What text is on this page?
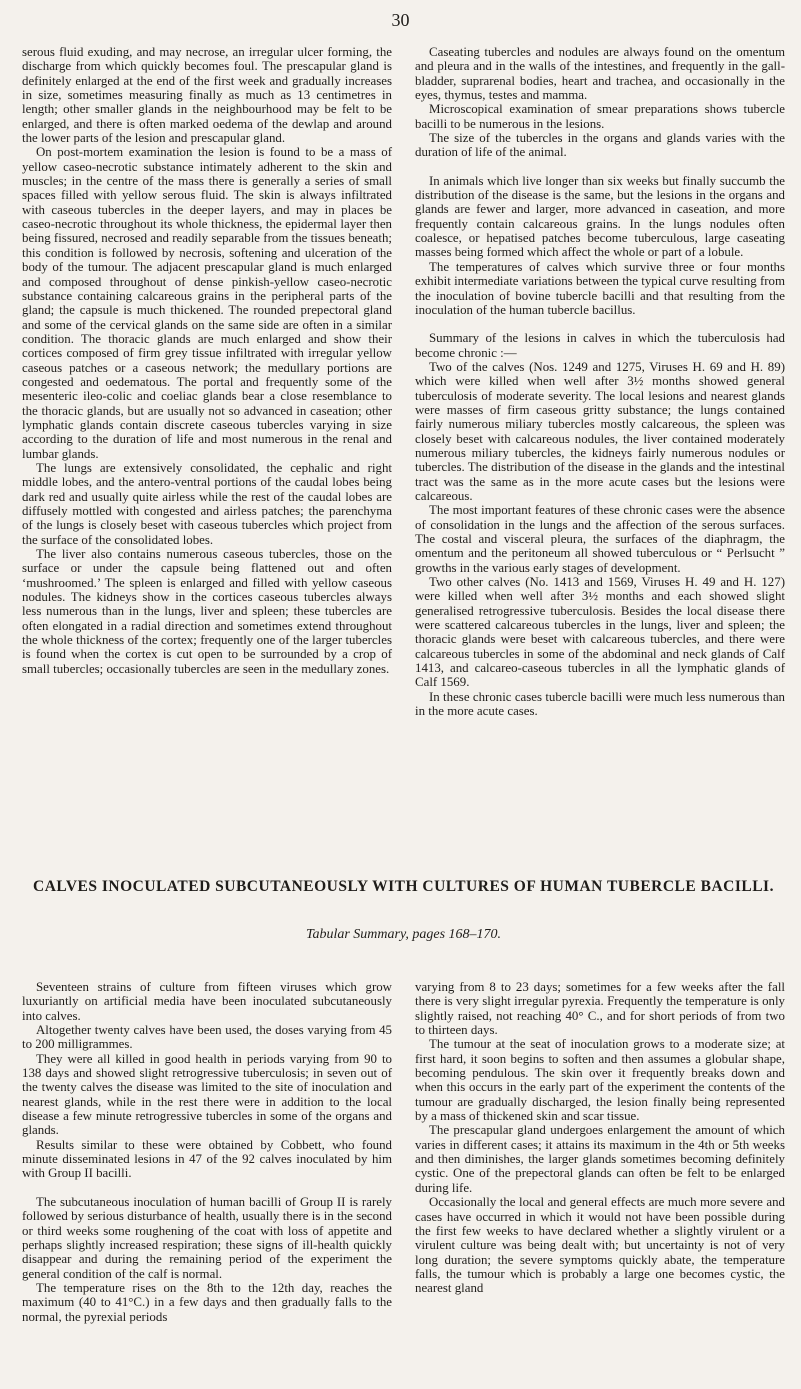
30

serous fluid exuding, and may necrose, an irregular ulcer forming, the discharge from which quickly becomes foul. The prescapular gland is definitely enlarged at the end of the first week and gradually increases in size, sometimes measuring finally as much as 13 centimetres in length; other smaller glands in the neighbourhood may be felt to be enlarged, and there is often marked oedema of the dewlap and around the lower parts of the lesion and prescapular gland.

On post-mortem examination the lesion is found to be a mass of yellow caseo-necrotic substance intimately adherent to the skin and muscles; in the centre of the mass there is generally a series of small spaces filled with yellow serous fluid. The skin is always infiltrated with caseous tubercles in the deeper layers, and may in places be caseo-necrotic throughout its whole thickness, the epidermal layer then being fissured, necrosed and readily separable from the tissues beneath; this condition is followed by necrosis, softening and ulceration of the body of the tumour. The adjacent prescapular gland is much enlarged and composed throughout of dense pinkish-yellow caseo-necrotic substance containing calcareous grains in the peripheral parts of the gland; the capsule is much thickened. The rounded prepectoral gland and some of the cervical glands on the same side are often in a similar condition. The thoracic glands are much enlarged and show their cortices composed of firm grey tissue infiltrated with irregular yellow caseous patches or a caseous network; the medullary portions are congested and oedematous. The portal and frequently some of the mesenteric ileo-colic and coeliac glands bear a close resemblance to the thoracic glands, but are usually not so advanced in caseation; other lymphatic glands contain discrete caseous tubercles varying in size according to the duration of life and most numerous in the renal and lumbar glands.

The lungs are extensively consolidated, the cephalic and right middle lobes, and the antero-ventral portions of the caudal lobes being dark red and usually quite airless while the rest of the caudal lobes are diffusely mottled with congested and airless patches; the parenchyma of the lungs is closely beset with caseous tubercles which project from the surface of the consolidated lobes.

The liver also contains numerous caseous tubercles, those on the surface or under the capsule being flattened out and often ‘mushroomed.’ The spleen is enlarged and filled with yellow caseous nodules. The kidneys show in the cortices caseous tubercles always less numerous than in the lungs, liver and spleen; these tubercles are often elongated in a radial direction and sometimes extend throughout the whole thickness of the cortex; frequently one of the larger tubercles is found when the cortex is cut open to be surrounded by a crop of small tubercles; occasionally tubercles are seen in the medullary zones.

Caseating tubercles and nodules are always found on the omentum and pleura and in the walls of the intestines, and frequently in the gall-bladder, suprarenal bodies, heart and trachea, and occasionally in the eyes, thymus, testes and mamma.

Microscopical examination of smear preparations shows tubercle bacilli to be numerous in the lesions.

The size of the tubercles in the organs and glands varies with the duration of life of the animal.

In animals which live longer than six weeks but finally succumb the distribution of the disease is the same, but the lesions in the organs and glands are fewer and larger, more advanced in caseation, and more frequently contain calcareous grains. In the lungs nodules often coalesce, or hepatised patches become tuberculous, large caseating masses being formed which affect the whole or part of a lobule.

The temperatures of calves which survive three or four months exhibit intermediate variations between the typical curve resulting from the inoculation of bovine tubercle bacilli and that resulting from the inoculation of the human tubercle bacillus.

Summary of the lesions in calves in which the tuberculosis had become chronic :—

Two of the calves (Nos. 1249 and 1275, Viruses H. 69 and H. 89) which were killed when well after 3½ months showed general tuberculosis of moderate severity. The local lesions and nearest glands were masses of firm caseous gritty substance; the lungs contained fairly numerous miliary tubercles mostly calcareous, the spleen was closely beset with calcareous nodules, the liver contained moderately numerous miliary tubercles, the kidneys fairly numerous nodules or tubercles. The distribution of the disease in the glands and the intestinal tract was the same as in the more acute cases but the lesions were calcareous.

The most important features of these chronic cases were the absence of consolidation in the lungs and the affection of the serous surfaces. The costal and visceral pleura, the surfaces of the diaphragm, the omentum and the peritoneum all showed tuberculous or “ Perlsucht ” growths in the various early stages of development.

Two other calves (No. 1413 and 1569, Viruses H. 49 and H. 127) were killed when well after 3½ months and each showed slight generalised retrogressive tuberculosis. Besides the local disease there were scattered calcareous tubercles in the lungs, liver and spleen; the thoracic glands were beset with calcareous tubercles, and there were calcareous tubercles in some of the abdominal and neck glands of Calf 1413, and calcareo-caseous tubercles in all the lymphatic glands of Calf 1569.

In these chronic cases tubercle bacilli were much less numerous than in the more acute cases.

CALVES INOCULATED SUBCUTANEOUSLY WITH CULTURES OF HUMAN TUBERCLE BACILLI.
Tabular Summary, pages 168–170.

Seventeen strains of culture from fifteen viruses which grow luxuriantly on artificial media have been inoculated subcutaneously into calves.

Altogether twenty calves have been used, the doses varying from 45 to 200 milligrammes.

They were all killed in good health in periods varying from 90 to 138 days and showed slight retrogressive tuberculosis; in seven out of the twenty calves the disease was limited to the site of inoculation and nearest glands, while in the rest there were in addition to the local disease a few minute retrogressive tubercles in some of the organs and glands.

Results similar to these were obtained by Cobbett, who found minute disseminated lesions in 47 of the 92 calves inoculated by him with Group II bacilli.

The subcutaneous inoculation of human bacilli of Group II is rarely followed by serious disturbance of health, usually there is in the second or third weeks some roughening of the coat with loss of appetite and perhaps slightly increased respiration; these signs of ill-health quickly disappear and during the remaining period of the experiment the general condition of the calf is normal.

The temperature rises on the 8th to the 12th day, reaches the maximum (40 to 41°C.) in a few days and then gradually falls to the normal, the pyrexial periods

varying from 8 to 23 days; sometimes for a few weeks after the fall there is very slight irregular pyrexia. Frequently the temperature is only slightly raised, not reaching 40° C., and for short periods of from two to thirteen days.

The tumour at the seat of inoculation grows to a moderate size; at first hard, it soon begins to soften and then assumes a globular shape, becoming pendulous. The skin over it frequently breaks down and when this occurs in the early part of the experiment the contents of the tumour are gradually discharged, the lesion finally being represented by a mass of thickened skin and scar tissue.

The prescapular gland undergoes enlargement the amount of which varies in different cases; it attains its maximum in the 4th or 5th weeks and then diminishes, the larger glands sometimes becoming definitely cystic. One of the prepectoral glands can often be felt to be enlarged during life.

Occasionally the local and general effects are much more severe and cases have occurred in which it would not have been possible during the first few weeks to have declared whether a slightly virulent or a virulent culture was being dealt with; but uncertainty is not of very long duration; the severe symptoms quickly abate, the temperature falls, the tumour which is probably a large one becomes cystic, the nearest gland
